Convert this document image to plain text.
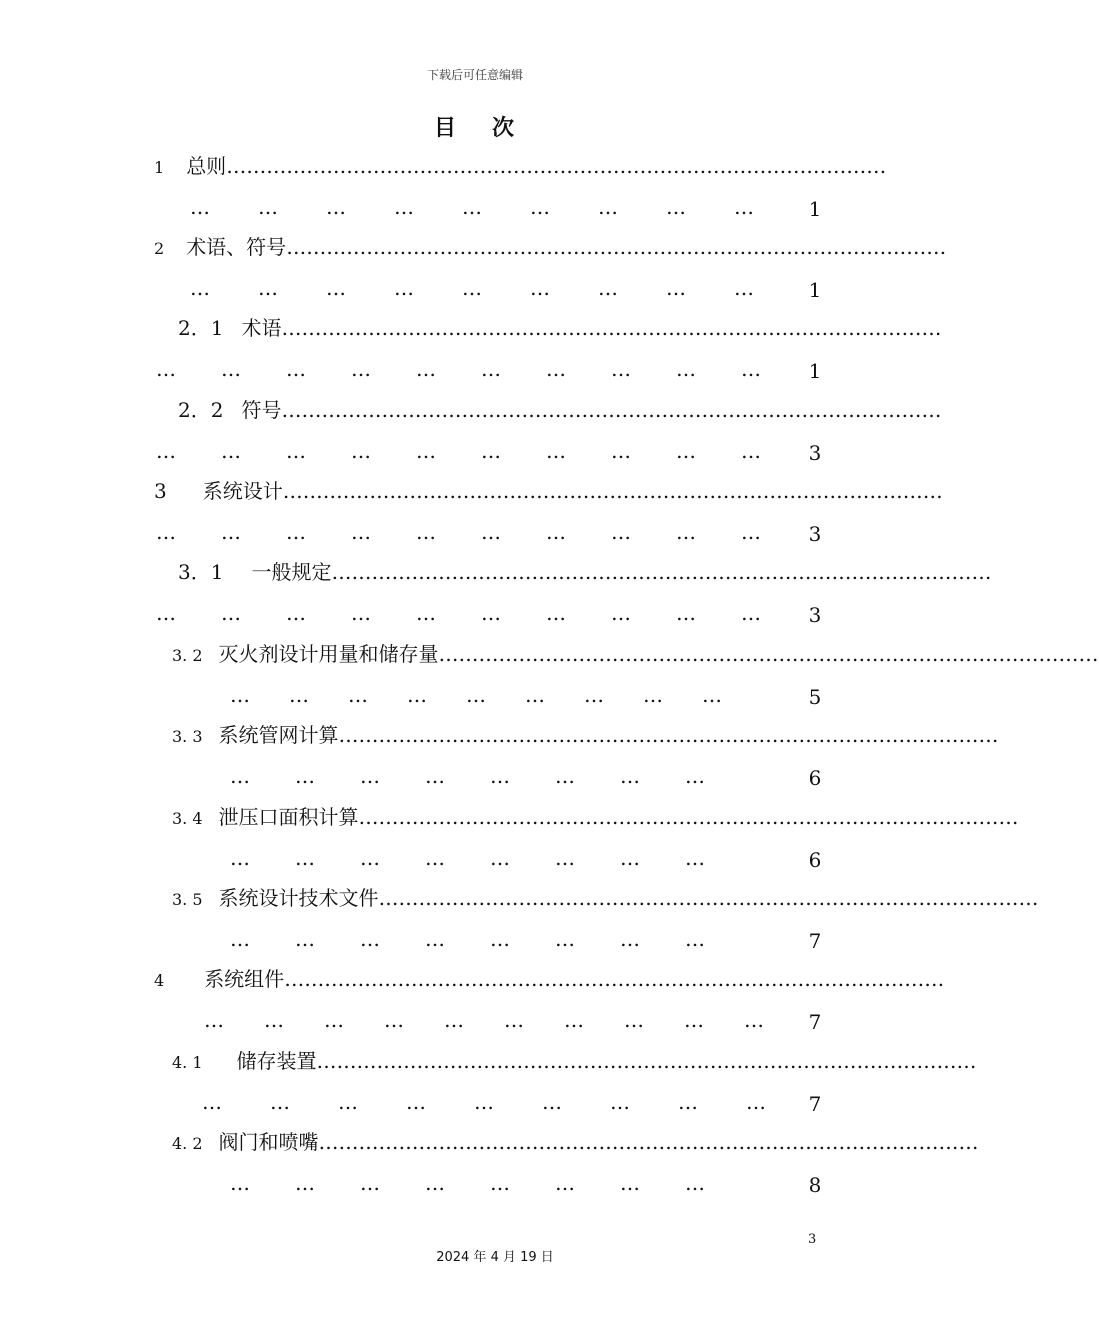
下载后可任意编辑
目 次
1 总则………………………………………………………………………………………
… … … … … … … … …	1
2 术语、符号………………………………………………………………………………………
… … … … … … … … …	1
2．1 术语………………………………………………………………………………………
… … … … … … … … … … 1
2．2 符号………………………………………………………………………………………
… … … … … … … … … … 3
3 系统设计………………………………………………………………………………………
… … … … … … … … … … 3
3．1 一般规定………………………………………………………………………………………
… … … … … … … … … … 3
3. 2 灭火剂设计用量和储存量………………………………………………………………………………………
… … … … … … … … …	5
3. 3 系统管网计算………………………………………………………………………………………
… … … … … … … …	6
3. 4 泄压口面积计算………………………………………………………………………………………
… … … … … … … …	6
3. 5 系统设计技术文件………………………………………………………………………………………
… … … … … … … …	7
4 系统组件………………………………………………………………………………………
… … … … … … … … … … 7
4. 1 储存装置………………………………………………………………………………………
… … … … … … … … … 7
4. 2 阀门和喷嘴………………………………………………………………………………………
… … … … … … … …	8
3
2024 年 4 月 19 日
